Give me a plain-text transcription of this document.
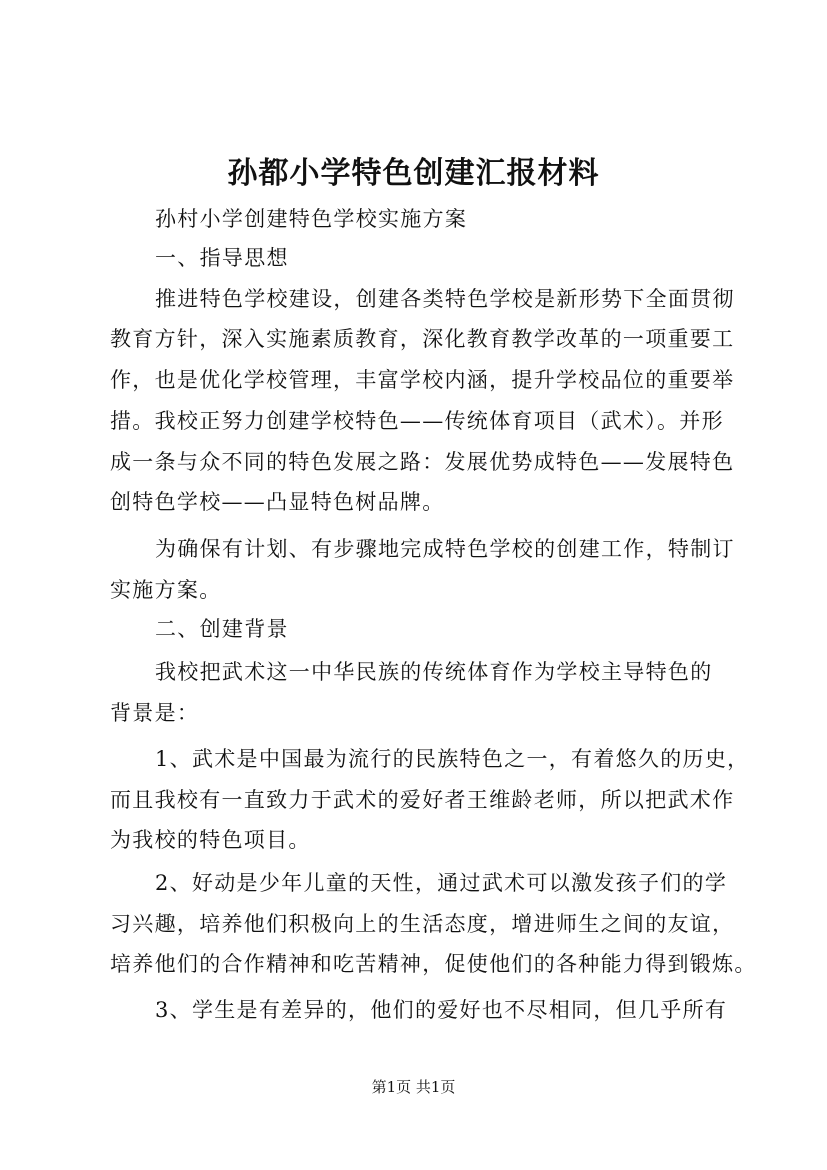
孙都小学特色创建汇报材料
孙村小学创建特色学校实施方案
一、指导思想
推进特色学校建设，创建各类特色学校是新形势下全面贯彻
教育方针，深入实施素质教育，深化教育教学改革的一项重要工
作，也是优化学校管理，丰富学校内涵，提升学校品位的重要举
措。我校正努力创建学校特色——传统体育项目（武术）。并形
成一条与众不同的特色发展之路：发展优势成特色——发展特色
创特色学校——凸显特色树品牌。
为确保有计划、有步骤地完成特色学校的创建工作，特制订
实施方案。
二、创建背景
我校把武术这一中华民族的传统体育作为学校主导特色的
背景是：
1、武术是中国最为流行的民族特色之一，有着悠久的历史，
而且我校有一直致力于武术的爱好者王维龄老师，所以把武术作
为我校的特色项目。
2、好动是少年儿童的天性，通过武术可以激发孩子们的学
习兴趣，培养他们积极向上的生活态度，增进师生之间的友谊，
培养他们的合作精神和吃苦精神，促使他们的各种能力得到锻炼。
3、学生是有差异的，他们的爱好也不尽相同，但几乎所有
第1页 共1页
